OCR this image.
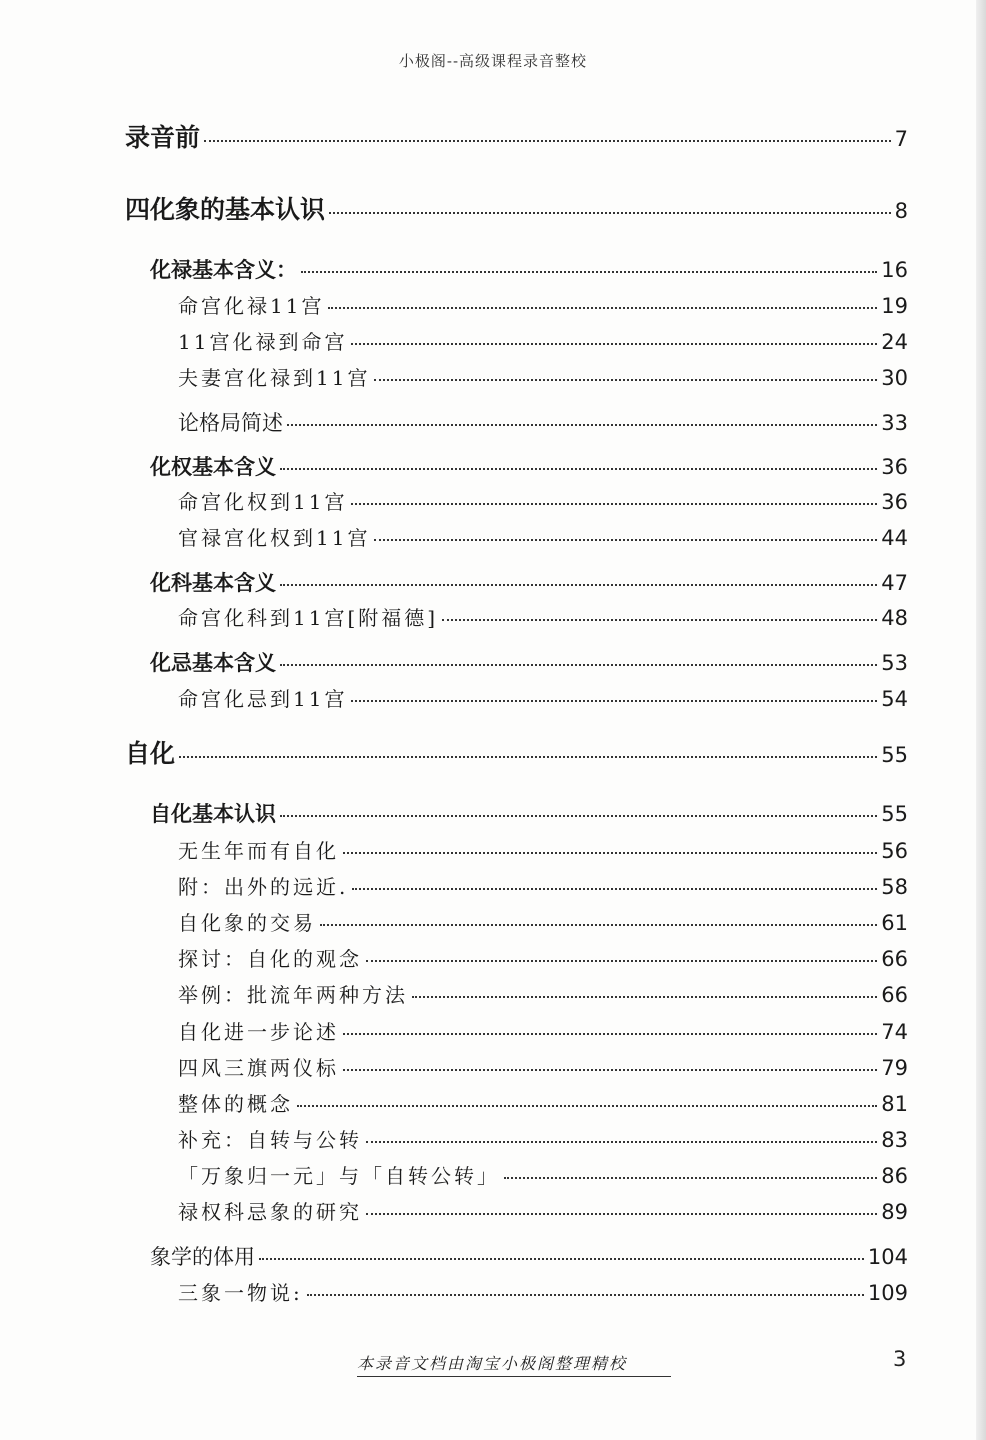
小极阁--高级课程录音整校
录音前	7
四化象的基本认识	8
化禄基本含义：	16
命宫化禄11宫	19
11宫化禄到命宫	24
夫妻宫化禄到11宫	30
论格局简述	33
化权基本含义	36
命宫化权到11宫	36
官禄宫化权到11宫	44
化科基本含义	47
命宫化科到11宫[附福德]	48
化忌基本含义	53
命宫化忌到11宫	54
自化	55
自化基本认识	55
无生年而有自化	56
附：出外的远近.	58
自化象的交易	61
探讨：自化的观念	66
举例：批流年两种方法	66
自化进一步论述	74
四风三旗两仪标	79
整体的概念	81
补充：自转与公转	83
「万象归一元」与「自转公转」	86
禄权科忌象的研究	89
象学的体用	104
三象一物说:	109
本录音文档由淘宝小极阁整理精校	3
